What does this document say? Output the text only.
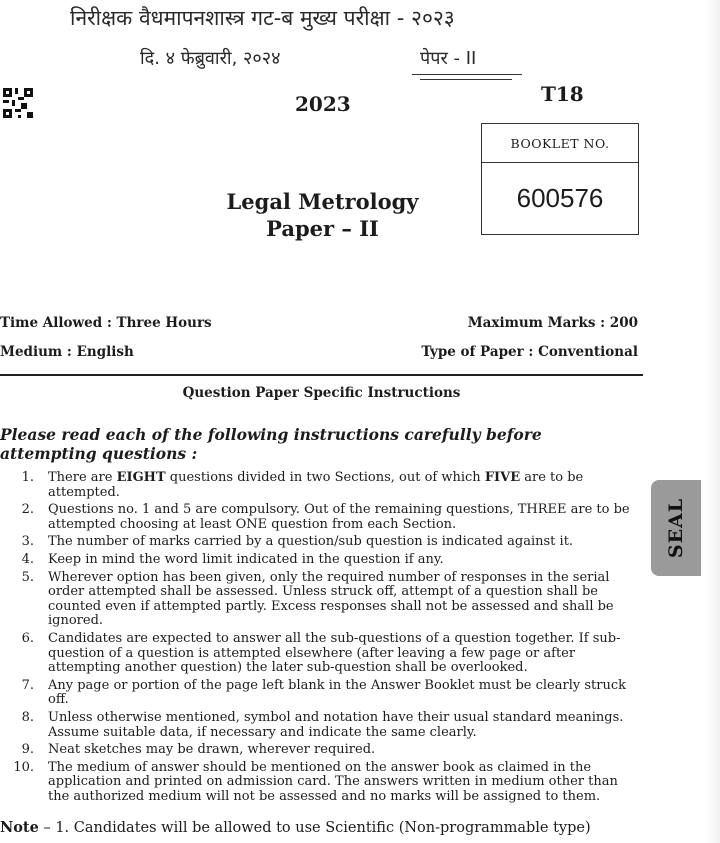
निरीक्षक वैधमापनशास्त्र गट-ब मुख्य परीक्षा - २०२३
दि. ४ फेब्रुवारी, २०२४	पेपर - II
2023	T18
BOOKLET NO.
600576
Legal Metrology
Paper – II
Time Allowed : Three Hours	Maximum Marks : 200
Medium : English	Type of Paper : Conventional
Question Paper Specific Instructions
Please read each of the following instructions carefully before attempting questions :
1. There are EIGHT questions divided in two Sections, out of which FIVE are to be attempted.
2. Questions no. 1 and 5 are compulsory. Out of the remaining questions, THREE are to be attempted choosing at least ONE question from each Section.
3. The number of marks carried by a question/sub question is indicated against it.
4. Keep in mind the word limit indicated in the question if any.
5. Wherever option has been given, only the required number of responses in the serial order attempted shall be assessed. Unless struck off, attempt of a question shall be counted even if attempted partly. Excess responses shall not be assessed and shall be ignored.
6. Candidates are expected to answer all the sub-questions of a question together. If sub-question of a question is attempted elsewhere (after leaving a few page or after attempting another question) the later sub-question shall be overlooked.
7. Any page or portion of the page left blank in the Answer Booklet must be clearly struck off.
8. Unless otherwise mentioned, symbol and notation have their usual standard meanings. Assume suitable data, if necessary and indicate the same clearly.
9. Neat sketches may be drawn, wherever required.
10. The medium of answer should be mentioned on the answer book as claimed in the application and printed on admission card. The answers written in medium other than the authorized medium will not be assessed and no marks will be assigned to them.
Note – 1. Candidates will be allowed to use Scientific (Non-programmable type)
SEAL
